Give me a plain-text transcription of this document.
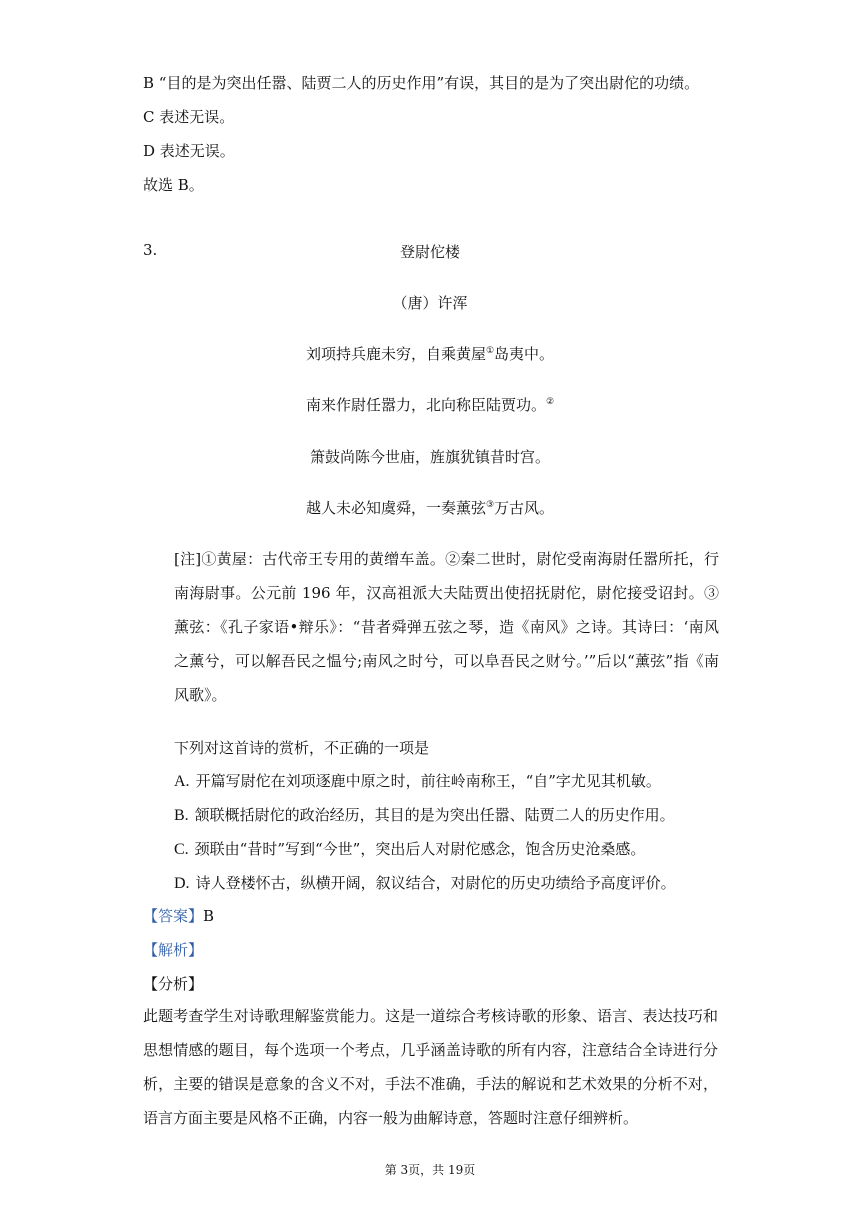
B “目的是为突出任嚣、陆贾二人的历史作用”有误，其目的是为了突出尉佗的功绩。
C 表述无误。
D 表述无误。
故选 B。
3.	登尉佗楼
（唐）许浑
刘项持兵鹿未穷，自乘黄屋①岛夷中。
南来作尉任嚣力，北向称臣陆贾功。②
箫鼓尚陈今世庙，旌旗犹镇昔时宫。
越人未必知虞舜，一奏薰弦③万古风。
[注]①黄屋：古代帝王专用的黄缯车盖。②秦二世时，尉佗受南海尉任嚣所托，行南海尉事。公元前 196 年，汉高祖派大夫陆贾出使招抚尉佗，尉佗接受诏封。③薰弦：《孔子家语•辩乐》：“昔者舜弹五弦之琴，造《南风》之诗。其诗曰：‘南风之薰兮，可以解吾民之愠兮;南风之时兮，可以阜吾民之财兮。’”后以“薰弦”指《南风歌》。
下列对这首诗的赏析，不正确的一项是
A. 开篇写尉佗在刘项逐鹿中原之时，前往岭南称王，“自”字尤见其机敏。
B. 颔联概括尉佗的政治经历，其目的是为突出任嚣、陆贾二人的历史作用。
C. 颈联由“昔时”写到“今世”，突出后人对尉佗感念，饱含历史沧桑感。
D. 诗人登楼怀古，纵横开阔，叙议结合，对尉佗的历史功绩给予高度评价。
【答案】B
【解析】
【分析】
此题考查学生对诗歌理解鉴赏能力。这是一道综合考核诗歌的形象、语言、表达技巧和思想情感的题目，每个选项一个考点，几乎涵盖诗歌的所有内容，注意结合全诗进行分析，主要的错误是意象的含义不对，手法不准确，手法的解说和艺术效果的分析不对，语言方面主要是风格不正确，内容一般为曲解诗意，答题时注意仔细辨析。
第 3页，共 19页
